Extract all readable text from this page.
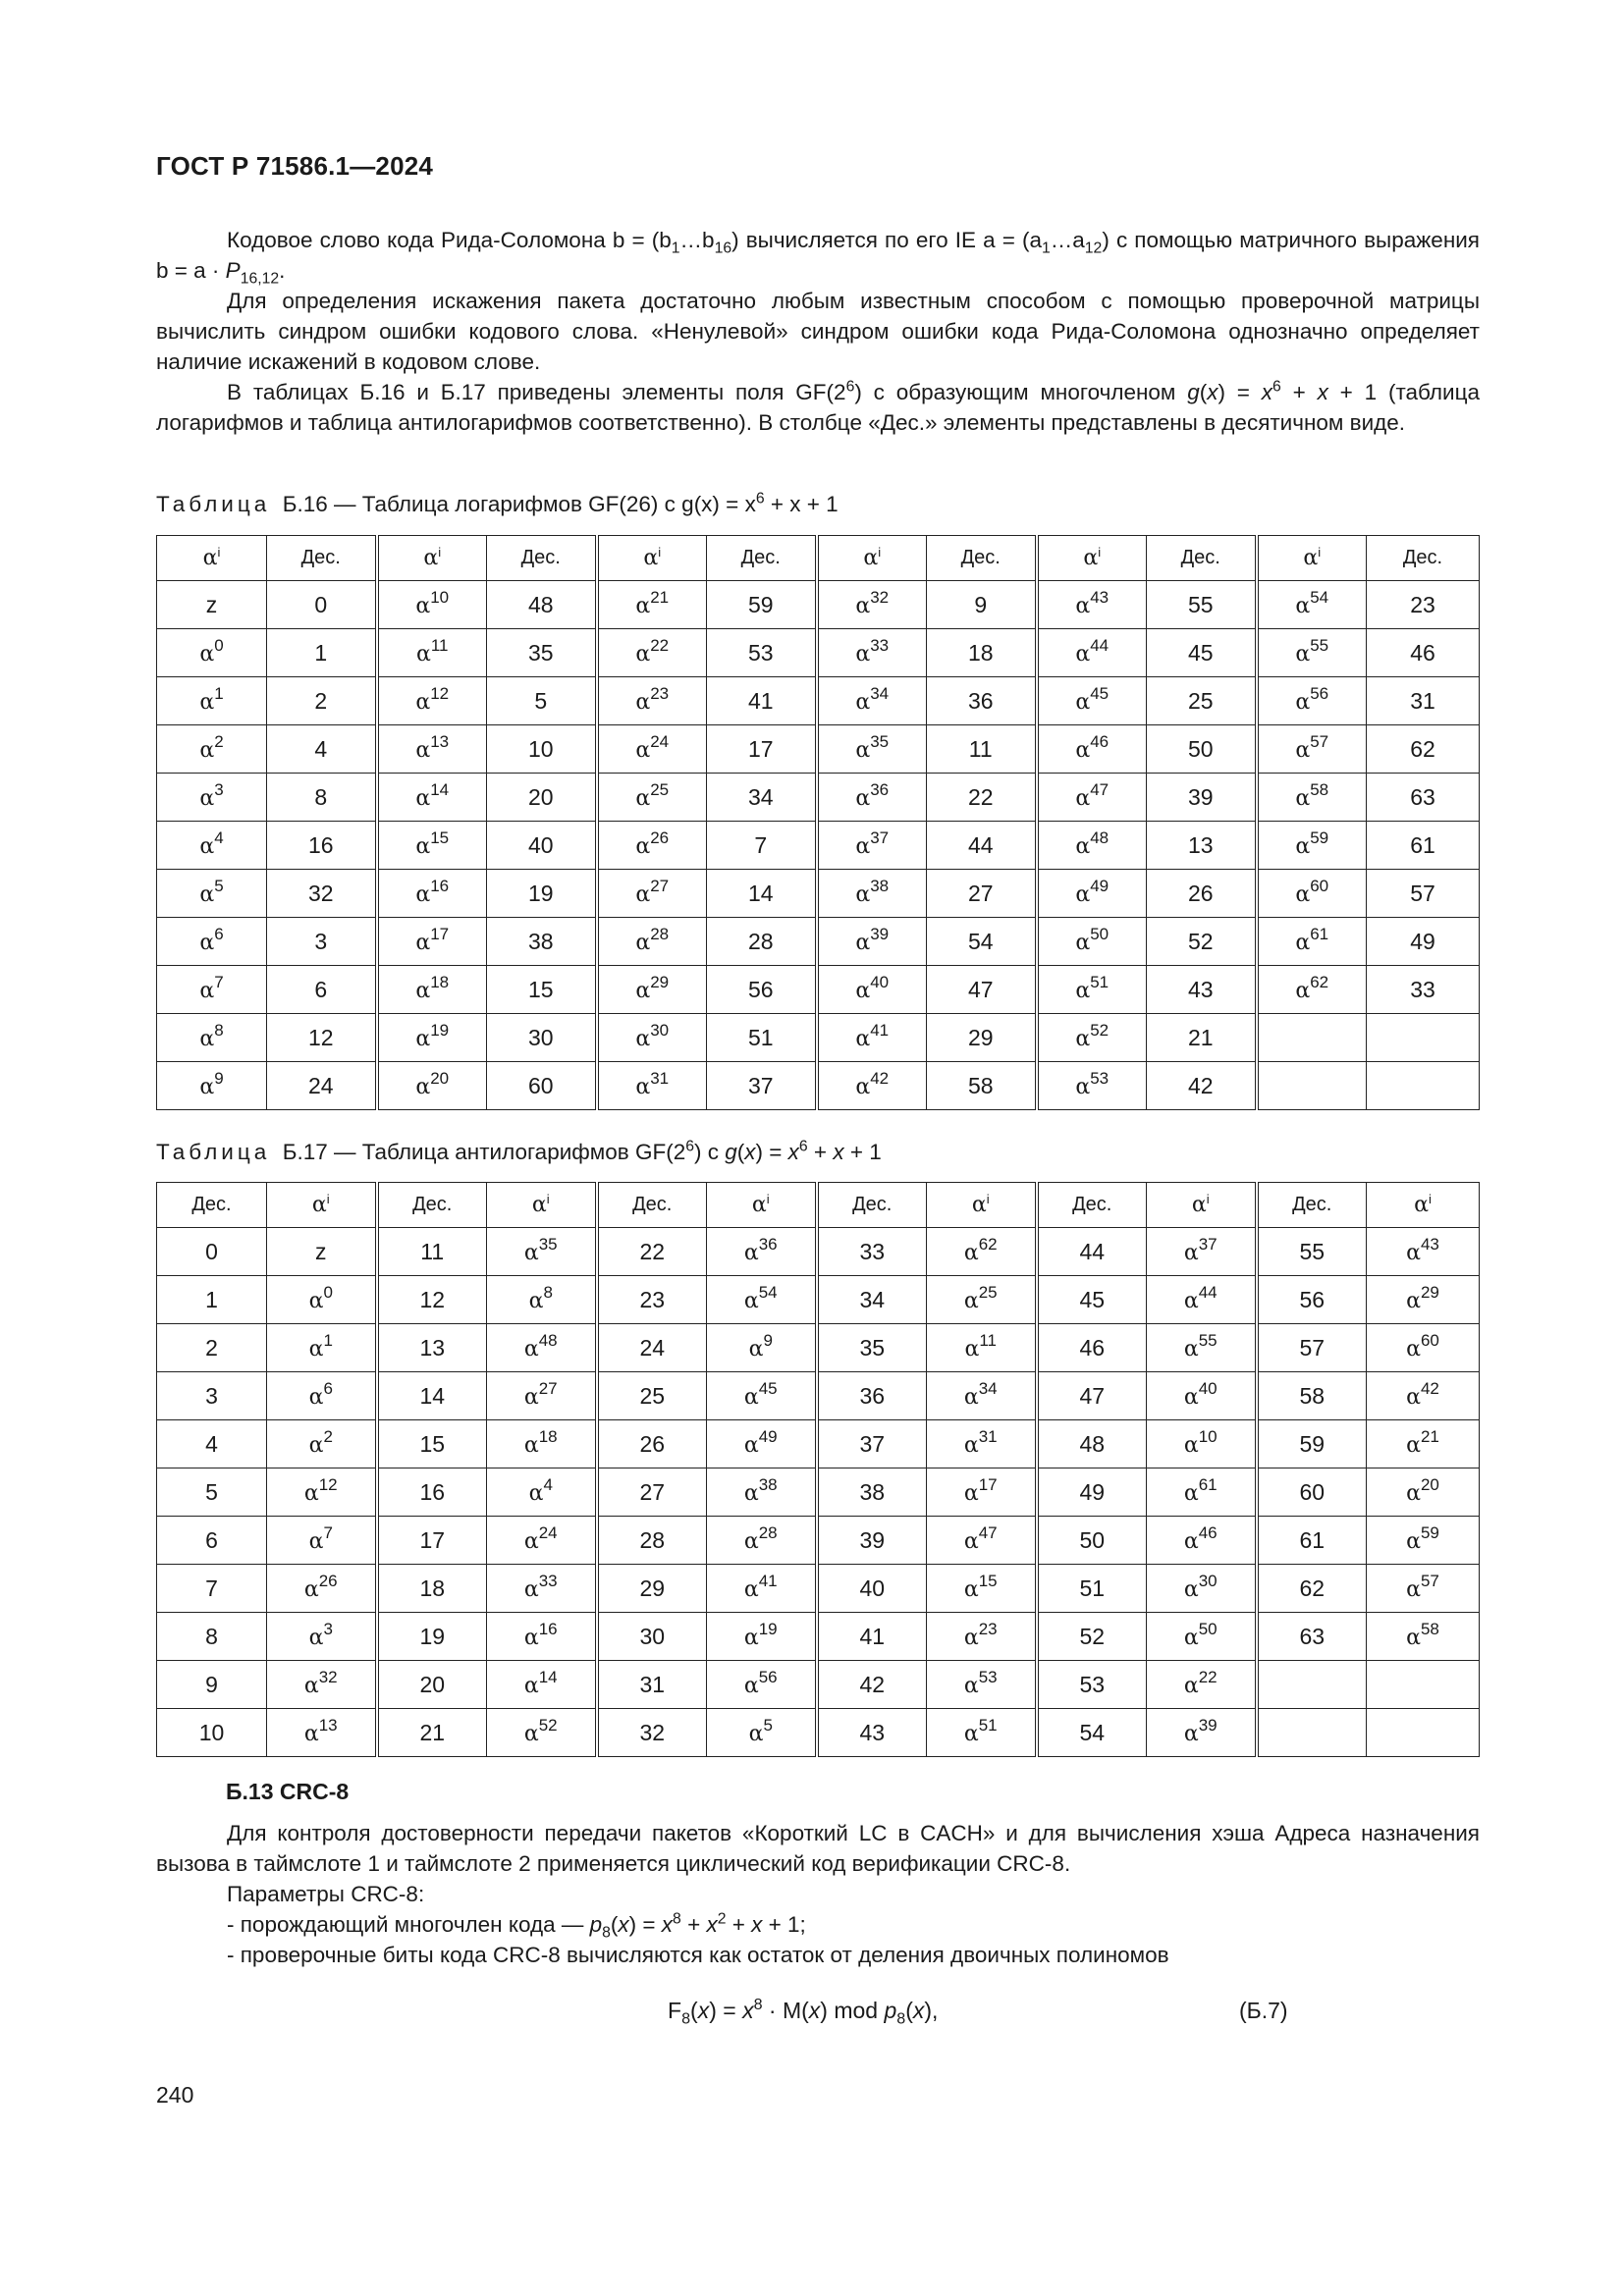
ГОСТ Р 71586.1—2024

Кодовое слово кода Рида-Соломона $b = (b_1\dots b_{16})$ вычисляется по его IE $a = (a_1\dots a_{12})$ с помощью матричного выражения $b = a \cdot P_{16,12}$.

Для определения искажения пакета достаточно любым известным способом с помощью проверочной матрицы вычислить синдром ошибки кодового слова. «Ненулевой» синдром ошибки кода Рида-Соломона однозначно определяет наличие искажений в кодовом слове.

В таблицах Б.16 и Б.17 приведены элементы поля $GF(2^6)$ с образующим многочленом $g(x) = x^6 + x + 1$ (таблица логарифмов и таблица антилогарифмов соответственно). В столбце «Дес.» элементы представлены в десятичном виде.

Таблица Б.16 — Таблица логарифмов GF(26) с $g(x) = x^6 + x + 1$
$\alpha^i$	Дес.	$\alpha^i$	Дес.	$\alpha^i$	Дес.	$\alpha^i$	Дес.	$\alpha^i$	Дес.	$\alpha^i$	Дес.
z	0	$\alpha^{10}$	48	$\alpha^{21}$	59	$\alpha^{32}$	9	$\alpha^{43}$	55	$\alpha^{54}$	23
$\alpha^0$	1	$\alpha^{11}$	35	$\alpha^{22}$	53	$\alpha^{33}$	18	$\alpha^{44}$	45	$\alpha^{55}$	46
$\alpha^1$	2	$\alpha^{12}$	5	$\alpha^{23}$	41	$\alpha^{34}$	36	$\alpha^{45}$	25	$\alpha^{56}$	31
$\alpha^2$	4	$\alpha^{13}$	10	$\alpha^{24}$	17	$\alpha^{35}$	11	$\alpha^{46}$	50	$\alpha^{57}$	62
$\alpha^3$	8	$\alpha^{14}$	20	$\alpha^{25}$	34	$\alpha^{36}$	22	$\alpha^{47}$	39	$\alpha^{58}$	63
$\alpha^4$	16	$\alpha^{15}$	40	$\alpha^{26}$	7	$\alpha^{37}$	44	$\alpha^{48}$	13	$\alpha^{59}$	61
$\alpha^5$	32	$\alpha^{16}$	19	$\alpha^{27}$	14	$\alpha^{38}$	27	$\alpha^{49}$	26	$\alpha^{60}$	57
$\alpha^6$	3	$\alpha^{17}$	38	$\alpha^{28}$	28	$\alpha^{39}$	54	$\alpha^{50}$	52	$\alpha^{61}$	49
$\alpha^7$	6	$\alpha^{18}$	15	$\alpha^{29}$	56	$\alpha^{40}$	47	$\alpha^{51}$	43	$\alpha^{62}$	33
$\alpha^8$	12	$\alpha^{19}$	30	$\alpha^{30}$	51	$\alpha^{41}$	29	$\alpha^{52}$	21		
$\alpha^9$	24	$\alpha^{20}$	60	$\alpha^{31}$	37	$\alpha^{42}$	58	$\alpha^{53}$	42		
Таблица Б.17 — Таблица антилогарифмов $GF(2^6)$ с $g(x) = x^6 + x + 1$
Дес.	$\alpha^i$	Дес.	$\alpha^i$	Дес.	$\alpha^i$	Дес.	$\alpha^i$	Дес.	$\alpha^i$	Дес.	$\alpha^i$
0	z	11	$\alpha^{35}$	22	$\alpha^{36}$	33	$\alpha^{62}$	44	$\alpha^{37}$	55	$\alpha^{43}$
1	$\alpha^0$	12	$\alpha^8$	23	$\alpha^{54}$	34	$\alpha^{25}$	45	$\alpha^{44}$	56	$\alpha^{29}$
2	$\alpha^1$	13	$\alpha^{48}$	24	$\alpha^9$	35	$\alpha^{11}$	46	$\alpha^{55}$	57	$\alpha^{60}$
3	$\alpha^6$	14	$\alpha^{27}$	25	$\alpha^{45}$	36	$\alpha^{34}$	47	$\alpha^{40}$	58	$\alpha^{42}$
4	$\alpha^2$	15	$\alpha^{18}$	26	$\alpha^{49}$	37	$\alpha^{31}$	48	$\alpha^{10}$	59	$\alpha^{21}$
5	$\alpha^{12}$	16	$\alpha^4$	27	$\alpha^{38}$	38	$\alpha^{17}$	49	$\alpha^{61}$	60	$\alpha^{20}$
6	$\alpha^7$	17	$\alpha^{24}$	28	$\alpha^{28}$	39	$\alpha^{47}$	50	$\alpha^{46}$	61	$\alpha^{59}$
7	$\alpha^{26}$	18	$\alpha^{33}$	29	$\alpha^{41}$	40	$\alpha^{15}$	51	$\alpha^{30}$	62	$\alpha^{57}$
8	$\alpha^3$	19	$\alpha^{16}$	30	$\alpha^{19}$	41	$\alpha^{23}$	52	$\alpha^{50}$	63	$\alpha^{58}$
9	$\alpha^{32}$	20	$\alpha^{14}$	31	$\alpha^{56}$	42	$\alpha^{53}$	53	$\alpha^{22}$		
10	$\alpha^{13}$	21	$\alpha^{52}$	32	$\alpha^5$	43	$\alpha^{51}$	54	$\alpha^{39}$		
Б.13 CRC-8

Для контроля достоверности передачи пакетов «Короткий LC в CACH» и для вычисления хэша Адреса назначения вызова в таймслоте 1 и таймслоте 2 применяется циклический код верификации CRC-8.

Параметры CRC-8:

- порождающий многочлен кода — $p_8(x) = x^8 + x^2 + x + 1$;

- проверочные биты кода CRC-8 вычисляются как остаток от деления двоичных полиномов

$F_8(x) = x^8 \cdot M(x)$ mod $p_8(x)$,	(Б.7)
240
